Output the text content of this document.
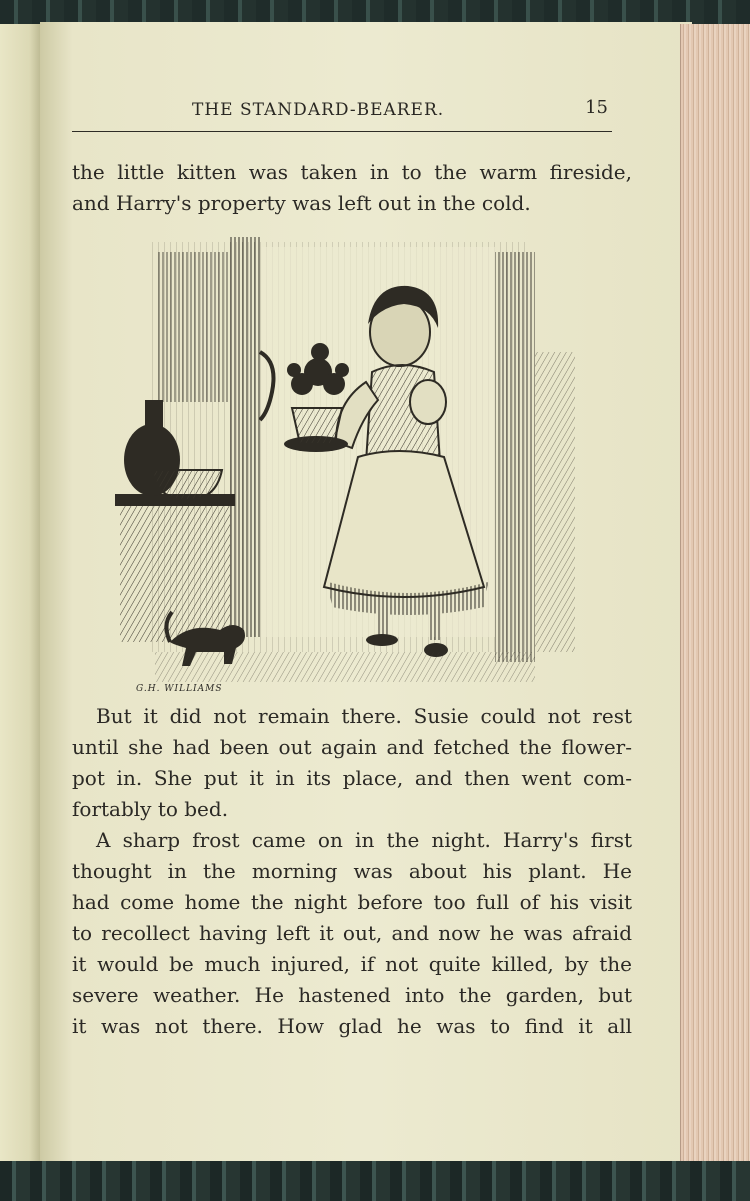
THE STANDARD-BEARER.	15
the little kitten was taken in to the warm fireside,
and Harry's property was left out in the cold.
G.H. WILLIAMS
But it did not remain there. Susie could not rest
until she had been out again and fetched the flower-
pot in. She put it in its place, and then went com-
fortably to bed.
A sharp frost came on in the night. Harry's first
thought in the morning was about his plant. He
had come home the night before too full of his visit
to recollect having left it out, and now he was afraid
it would be much injured, if not quite killed, by the
severe weather. He hastened into the garden, but
it was not there. How glad he was to find it all
